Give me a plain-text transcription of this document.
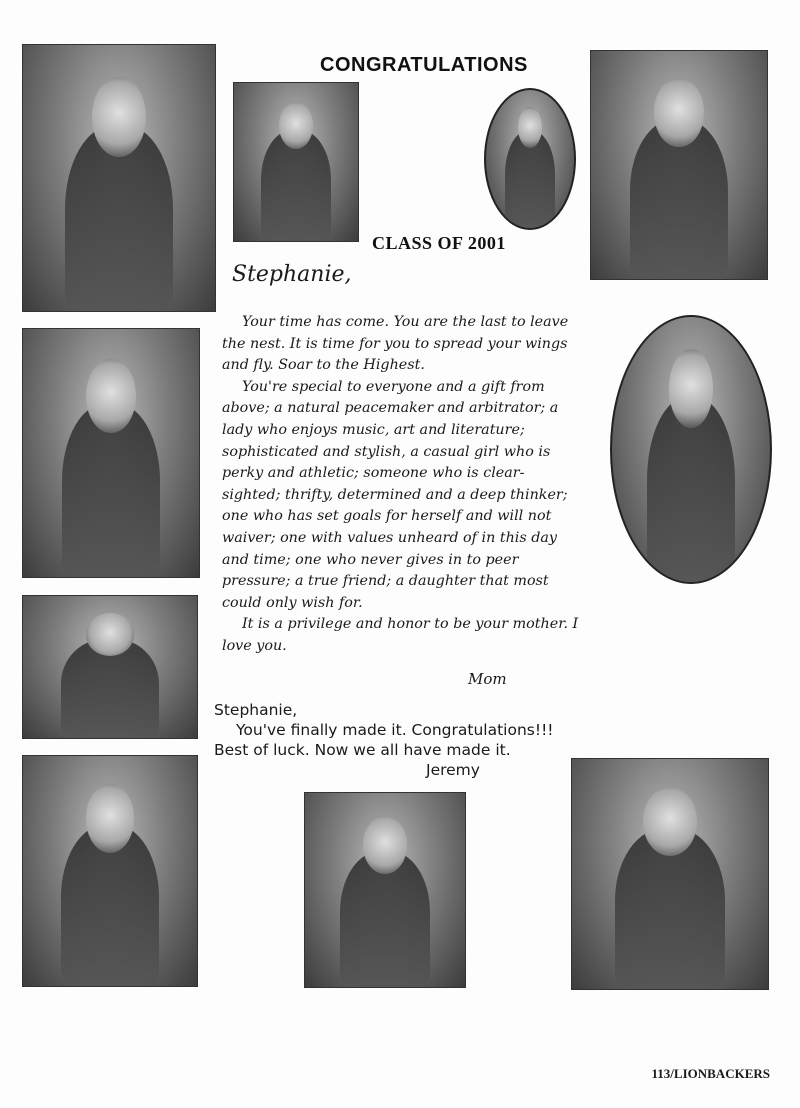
CONGRATULATIONS
CLASS OF 2001
Stephanie,

Your time has come. You are the last to leave the nest. It is time for you to spread your wings and fly. Soar to the Highest.

You're special to everyone and a gift from above; a natural peacemaker and arbitrator; a lady who enjoys music, art and literature; sophisticated and stylish, a casual girl who is perky and athletic; someone who is clear-sighted; thrifty, determined and a deep thinker; one who has set goals for herself and will not waiver; one with values unheard of in this day and time; one who never gives in to peer pressure; a true friend; a daughter that most could only wish for.

It is a privilege and honor to be your mother. I love you.

Mom
Stephanie,
You've finally made it. Congratulations!!!
Best of luck. Now we all have made it.
Jeremy
113/LIONBACKERS
